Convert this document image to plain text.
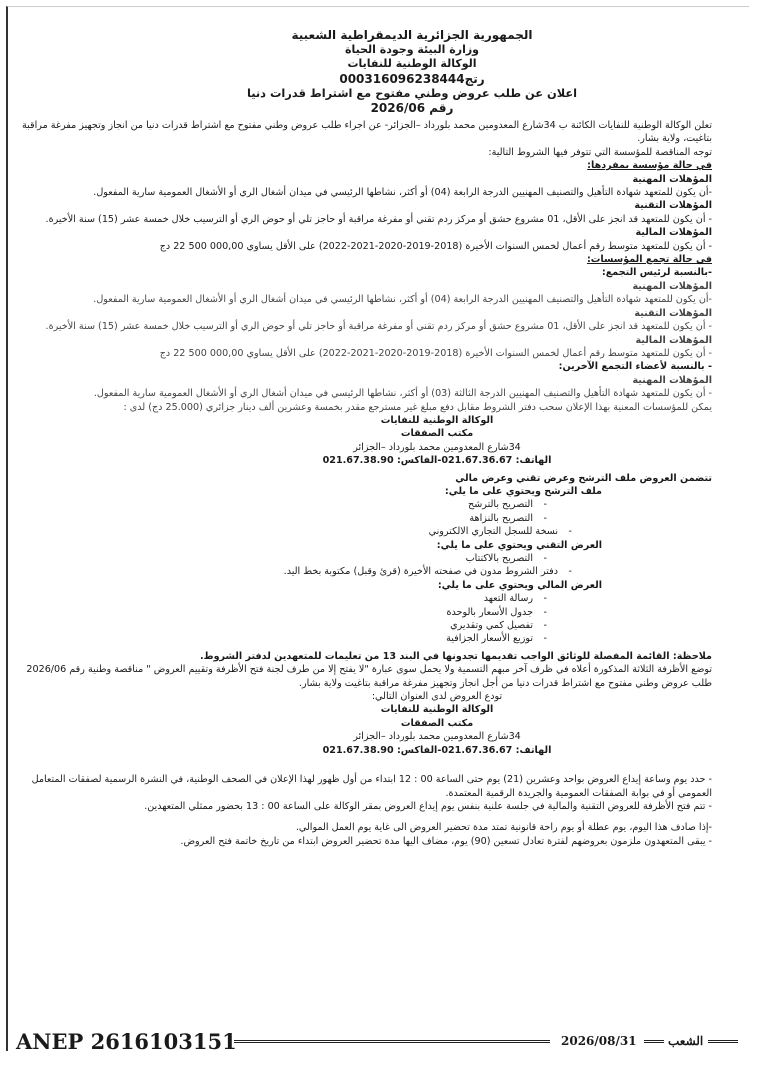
الجمهورية الجزائرية الديمقراطية الشعبية

وزارة البيئة وجودة الحياة

الوكالة الوطنية للنفايات

رتج000316096238444

اعلان عن طلب عروض وطني مفتوح مع اشتراط قدرات دنيا

رقم 2026/06

تعلن الوكالة الوطنية للنفايات الكائنة ب 34شارع المعدومين محمد بلورداد –الجزائر- عن اجراء طلب عروض وطني مفتوح مع اشتراط قدرات دنيا من انجاز وتجهيز مفرغة مراقبة بتاغيت، ولاية بشار.

توجه المناقصة للمؤسسة التي تتوفر فيها الشروط التالية:

في حالة مؤسسة بمفردها:

المؤهلات المهنية

-أن يكون للمتعهد شهادة التأهيل والتصنيف المهنيين الدرجة الرابعة (04) أو أكثر، نشاطها الرئيسي في ميدان أشغال الري أو الأشغال العمومية سارية المفعول.

المؤهلات التقنية

- أن يكون للمتعهد قد انجز على الأقل، 01 مشروع حشق أو مركز ردم تقني أو مفرغة مراقبة أو حاجز تلي أو حوض الري أو الترسيب خلال خمسة عشر (15) سنة الأخيرة.

المؤهلات المالية

- أن يكون للمتعهد متوسط رقم أعمال لخمس السنوات الأخيرة (2018-2019-2020-2021-2022) على الأقل يساوي 000,00 500 22 دج

في حالة تجمع المؤسسات:

-بالنسبة لرئيس التجمع:

المؤهلات المهنية

-أن يكون للمتعهد شهادة التأهيل والتصنيف المهنيين الدرجة الرابعة (04) أو أكثر، نشاطها الرئيسي في ميدان أشغال الري أو الأشغال العمومية سارية المفعول.

المؤهلات التقنية

- أن يكون للمتعهد قد انجز على الأقل، 01 مشروع حشق أو مركز ردم تقني أو مفرغة مراقبة أو حاجز تلي أو حوض الري أو الترسيب خلال خمسة عشر (15) سنة الأخيرة.

المؤهلات المالية

- أن يكون للمتعهد متوسط رقم أعمال لخمس السنوات الأخيرة (2018-2019-2020-2021-2022) على الأقل يساوي 000,00 500 22 دج

- بالنسبة لأعضاء التجمع الآخرين:

المؤهلات المهنية

- أن يكون للمتعهد شهادة التأهيل والتصنيف المهنيين الدرجة الثالثة (03) أو أكثر، نشاطها الرئيسي في ميدان أشغال الري أو الأشغال العمومية سارية المفعول.

يمكن للمؤسسات المعنية بهذا الإعلان سحب دفتر الشروط مقابل دفع مبلغ غير مسترجع مقدر بخمسة وعشرين ألف دينار جزائري (25.000 دج) لدى :

الوكالة الوطنية للنفايات

مكتب الصفقات

34شارع المعدومين محمد بلورداد –الجزائر

الهاتف: 021.67.36.67-الفاكس: 021.67.38.90

تتضمن العروض ملف الترشح وعرض تقني وعرض مالي

ملف الترشح ويحتوي على ما يلي:

- التصريح بالترشح
- التصريح بالنزاهة
- نسخة للسجل التجاري الالكتروني

العرض التقني ويحتوي على ما يلي:

- التصريح بالاكتتاب
- دفتر الشروط مدون في صفحته الأخيرة (قرئ وقبل) مكتوبة بخط اليد.

العرض المالي ويحتوي على ما يلي:

- رسالة التعهد
- جدول الأسعار بالوحدة
- تفصيل كمي وتقديري
- توزيع الأسعار الجزافية

ملاحظة: القائمة المفصلة للوثائق الواجب تقديمها تجدونها في البند 13 من تعليمات للمتعهدين لدفتر الشروط.

توضع الأظرفة الثلاثة المذكورة أعلاه في ظرف آخر مبهم التسمية ولا يحمل سوى عبارة "لا يفتح إلا من طرف لجنة فتح الأظرفة وتقييم العروض " مناقصة وطنية رقم 2026/06 طلب عروض وطني مفتوح مع اشتراط قدرات دنيا من أجل انجاز وتجهيز مفرغة مراقبة بتاغيت ولاية بشار.

تودع العروض لدى العنوان التالي:

الوكالة الوطنية للنفايات

مكتب الصفقات

34شارع المعدومين محمد بلورداد –الجزائر

الهاتف: 021.67.36.67-الفاكس: 021.67.38.90

- حدد يوم وساعة إيداع العروض بواحد وعشرين (21) يوم حتى الساعة 00 : 12 ابتداء من أول ظهور لهذا الإعلان في الصحف الوطنية، في النشرة الرسمية لصفقات المتعامل العمومي أو في بوابة الصفقات العمومية والجريدة الرقمية المعتمدة.

- تتم فتح الأظرفة للعروض التقنية والمالية في جلسة علنية بنفس يوم إيداع العروض بمقر الوكالة على الساعة 00 : 13 بحضور ممثلي المتعهدين.

-إذا صادف هذا اليوم، يوم عطلة أو يوم راحة قانونية تمتد مدة تحضير العروض الى غاية يوم العمل الموالي.

- يبقى المتعهدون ملزمون بعروضهم لفترة تعادل تسعين (90) يوم، مضاف اليها مدة تحضير العروض ابتداء من تاريخ خاتمة فتح العروض.

ANEP 2616103151	2026/08/31	الشعب
